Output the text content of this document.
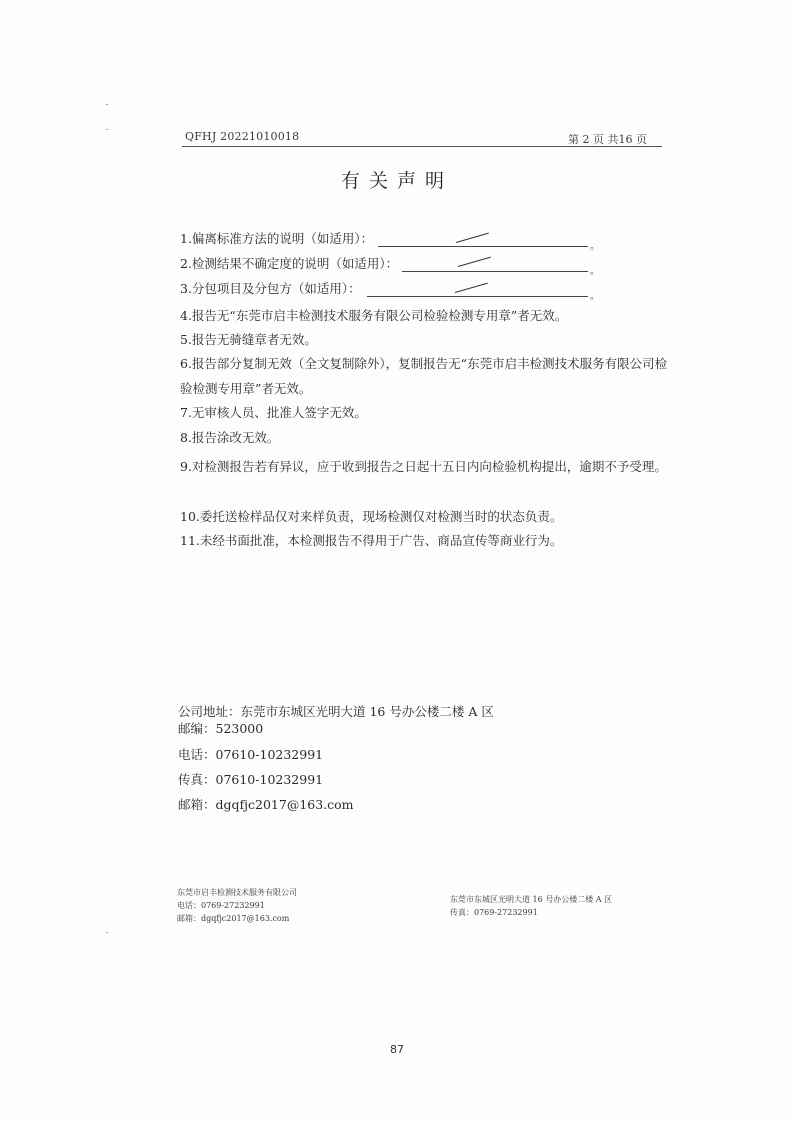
QFHJ 2022101001​8	第 2 页 共16 页
有关声明
1.偏离标准方法的说明（如适用）：
。
2.检测结果不确定度的说明（如适用）：
。
3.分包项目及分包方（如适用）：
。
4.报告无“东莞市启丰检测技术服务有限公司检验检测专用章”者无效。
5.报告无骑缝章者无效。
6.报告部分复制无效（全文复制除外），复制报告无“东莞市启丰检测技术服务有限公司检验检测专用章”者无效。
7.无审核人员、批准人签字无效。
8.报告涂改无效。
9.对检测报告若有异议，应于收到报告之日起十五日内向检验机构提出，逾期不予受理。
10.委托送检样品仅对来样负责，现场检测仅对检测当时的状态负责。
11.未经书面批准，本检测报告不得用于广告、商品宣传等商业行为。
公司地址：东莞市东城区光明大道 16 号办公楼二楼 A 区
邮编：523000
电话：07610-10232991
传真：07610-10232991
邮箱：dgqfjc2017@163.com
东莞市启丰检测技术服务有限公司
电话：0769-27232991
邮箱：dgqfjc2017@163.com
东莞市东城区光明大道 16 号办公楼二楼 A 区
传真：0769-27232991
87
